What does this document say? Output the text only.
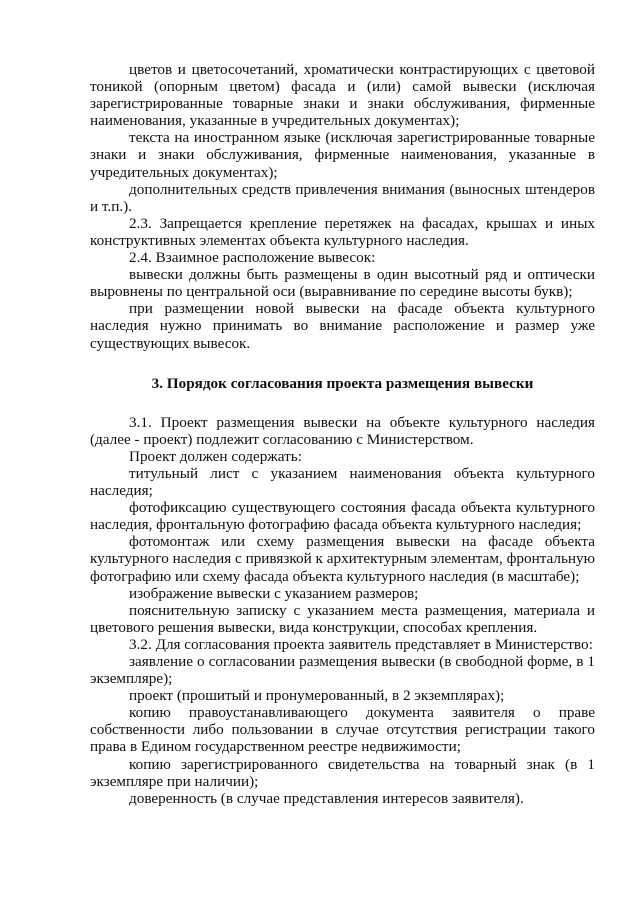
цветов и цветосочетаний, хроматически контрастирующих с цветовой тоникой (опорным цветом) фасада и (или) самой вывески (исключая зарегистрированные товарные знаки и знаки обслуживания, фирменные наименования, указанные в учредительных документах);

текста на иностранном языке (исключая зарегистрированные товарные знаки и знаки обслуживания, фирменные наименования, указанные в учредительных документах);

дополнительных средств привлечения внимания (выносных штендеров и т.п.).

2.3. Запрещается крепление перетяжек на фасадах, крышах и иных конструктивных элементах объекта культурного наследия.

2.4. Взаимное расположение вывесок:

вывески должны быть размещены в один высотный ряд и оптически выровнены по центральной оси (выравнивание по середине высоты букв);

при размещении новой вывески на фасаде объекта культурного наследия нужно принимать во внимание расположение и размер уже существующих вывесок.

3. Порядок согласования проекта размещения вывески

3.1. Проект размещения вывески на объекте культурного наследия (далее - проект) подлежит согласованию с Министерством.

Проект должен содержать:

титульный лист с указанием наименования объекта культурного наследия;

фотофиксацию существующего состояния фасада объекта культурного наследия, фронтальную фотографию фасада объекта культурного наследия;

фотомонтаж или схему размещения вывески на фасаде объекта культурного наследия с привязкой к архитектурным элементам, фронтальную фотографию или схему фасада объекта культурного наследия (в масштабе);

изображение вывески с указанием размеров;

пояснительную записку с указанием места размещения, материала и цветового решения вывески, вида конструкции, способах крепления.

3.2. Для согласования проекта заявитель представляет в Министерство:

заявление о согласовании размещения вывески (в свободной форме, в 1 экземпляре);

проект (прошитый и пронумерованный, в 2 экземплярах);

копию правоустанавливающего документа заявителя о праве собственности либо пользовании в случае отсутствия регистрации такого права в Едином государственном реестре недвижимости;

копию зарегистрированного свидетельства на товарный знак (в 1 экземпляре при наличии);

доверенность (в случае представления интересов заявителя).
